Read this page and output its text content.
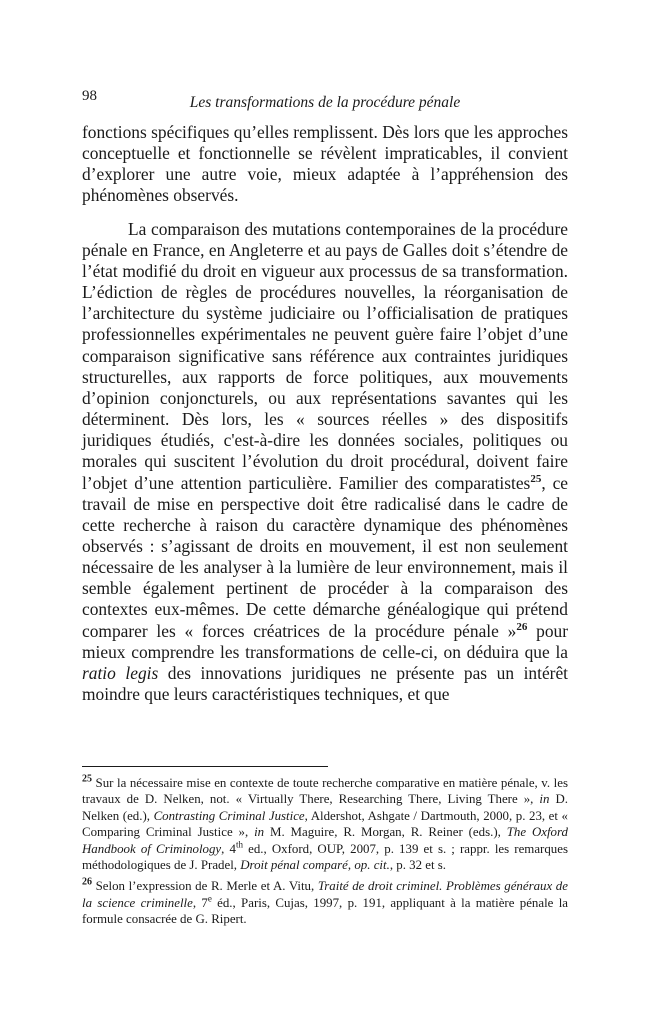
98	Les transformations de la procédure pénale

fonctions spécifiques qu’elles remplissent. Dès lors que les approches conceptuelle et fonctionnelle se révèlent impraticables, il convient d’explorer une autre voie, mieux adaptée à l’appréhension des phénomènes observés.

La comparaison des mutations contemporaines de la procédure pénale en France, en Angleterre et au pays de Galles doit s’étendre de l’état modifié du droit en vigueur aux processus de sa transformation. L’édiction de règles de procédures nouvelles, la réorganisation de l’architecture du système judiciaire ou l’officialisation de pratiques professionnelles expérimentales ne peuvent guère faire l’objet d’une comparaison significative sans référence aux contraintes juridiques structurelles, aux rapports de force politiques, aux mouvements d’opinion conjoncturels, ou aux représentations savantes qui les déterminent. Dès lors, les « sources réelles » des dispositifs juridiques étudiés, c'est-à-dire les données sociales, politiques ou morales qui suscitent l’évolution du droit procédural, doivent faire l’objet d’une attention particulière. Familier des comparatistes$^{25}$, ce travail de mise en perspective doit être radicalisé dans le cadre de cette recherche à raison du caractère dynamique des phénomènes observés : s’agissant de droits en mouvement, il est non seulement nécessaire de les analyser à la lumière de leur environnement, mais il semble également pertinent de procéder à la comparaison des contextes eux-mêmes. De cette démarche généalogique qui prétend comparer les « forces créatrices de la procédure pénale »$^{26}$ pour mieux comprendre les transformations de celle-ci, on déduira que la ratio legis des innovations juridiques ne présente pas un intérêt moindre que leurs caractéristiques techniques, et que

$^{25}$ Sur la nécessaire mise en contexte de toute recherche comparative en matière pénale, v. les travaux de D. Nelken, not. « Virtually There, Researching There, Living There », in D. Nelken (ed.), Contrasting Criminal Justice, Aldershot, Ashgate / Dartmouth, 2000, p. 23, et « Comparing Criminal Justice », in M. Maguire, R. Morgan, R. Reiner (eds.), The Oxford Handbook of Criminology, 4th ed., Oxford, OUP, 2007, p. 139 et s. ; rappr. les remarques méthodologiques de J. Pradel, Droit pénal comparé, op. cit., p. 32 et s.

$^{26}$ Selon l’expression de R. Merle et A. Vitu, Traité de droit criminel. Problèmes généraux de la science criminelle, 7e éd., Paris, Cujas, 1997, p. 191, appliquant à la matière pénale la formule consacrée de G. Ripert.
